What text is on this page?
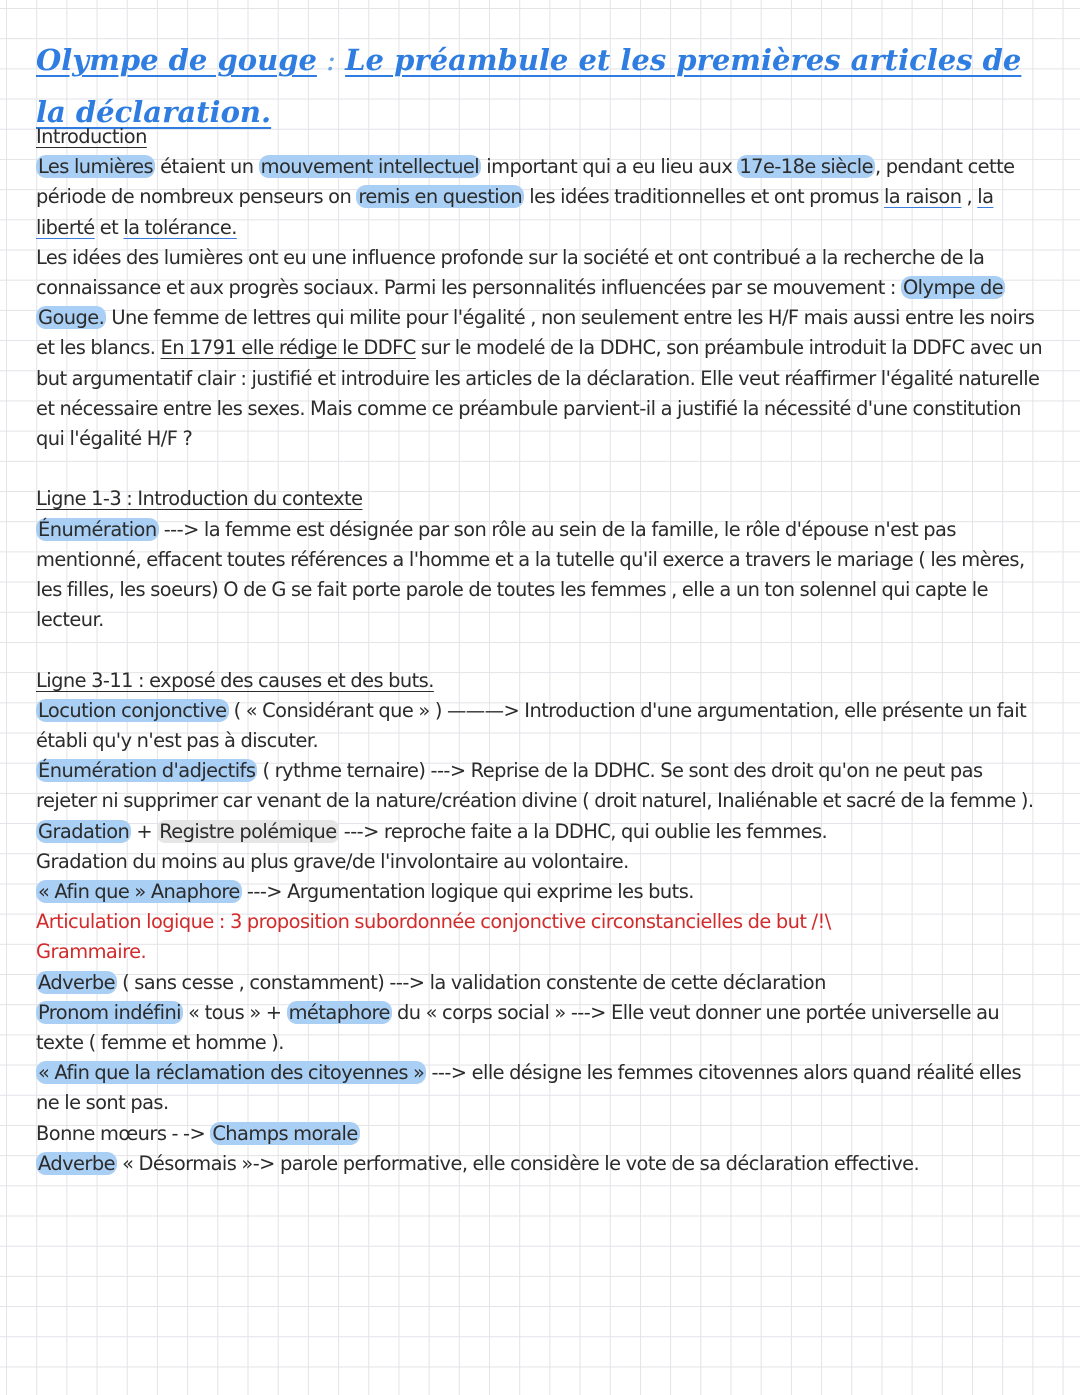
Olympe de gouge : Le préambule et les premières articles de la déclaration.

Introduction

Les lumières étaient un mouvement intellectuel important qui a eu lieu aux 17e-18e siècle , pendant cette période de nombreux penseurs on remis en question les idées traditionnelles et ont promus la raison , la liberté et la tolérance.

Les idées des lumières ont eu une influence profonde sur la société et ont contribué a la recherche de la connaissance et aux progrès sociaux. Parmi les personnalités influencées par se mouvement : Olympe de Gouge. Une femme de lettres qui milite pour l'égalité , non seulement entre les H/F mais aussi entre les noirs et les blancs. En 1791 elle rédige le DDFC sur le modelé de la DDHC, son préambule introduit la DDFC avec un but argumentatif clair : justifié et introduire les articles de la déclaration. Elle veut réaffirmer l'égalité naturelle et nécessaire entre les sexes. Mais comme ce préambule parvient-il a justifié la nécessité d'une constitution qui l'égalité H/F ?

Ligne 1-3 : Introduction du contexte

Énumération ---> la femme est désignée par son rôle au sein de la famille, le rôle d'épouse n'est pas mentionné, effacent toutes références a l'homme et a la tutelle qu'il exerce a travers le mariage ( les mères, les filles, les soeurs) O de G se fait porte parole de toutes les femmes , elle a un ton solennel qui capte le lecteur.

Ligne 3-11 : exposé des causes et des buts.

Locution conjonctive ( « Considérant que » ) ———> Introduction d'une argumentation, elle présente un fait établi qu'y n'est pas à discuter.

Énumération d'adjectifs ( rythme ternaire) ---> Reprise de la DDHC. Se sont des droit qu'on ne peut pas rejeter ni supprimer car venant de la nature/création divine ( droit naturel, Inaliénable et sacré de la femme ).

Gradation + Registre polémique ---> reproche faite a la DDHC, qui oublie les femmes.

Gradation du moins au plus grave/de l'involontaire au volontaire.

« Afin que » Anaphore ---> Argumentation logique qui exprime les buts.

Articulation logique : 3 proposition subordonnée conjonctive circonstancielles de but /!\

Grammaire.

Adverbe ( sans cesse , constamment) ---> la validation constente de cette déclaration

Pronom indéfini « tous » + métaphore du « corps social » ---> Elle veut donner une portée universelle au texte ( femme et homme ).

« Afin que la réclamation des citoyennes » ---> elle désigne les femmes citovennes alors quand réalité elles ne le sont pas.

Bonne mœurs - -> Champs morale

Adverbe « Désormais »-> parole performative, elle considère le vote de sa déclaration effective.
